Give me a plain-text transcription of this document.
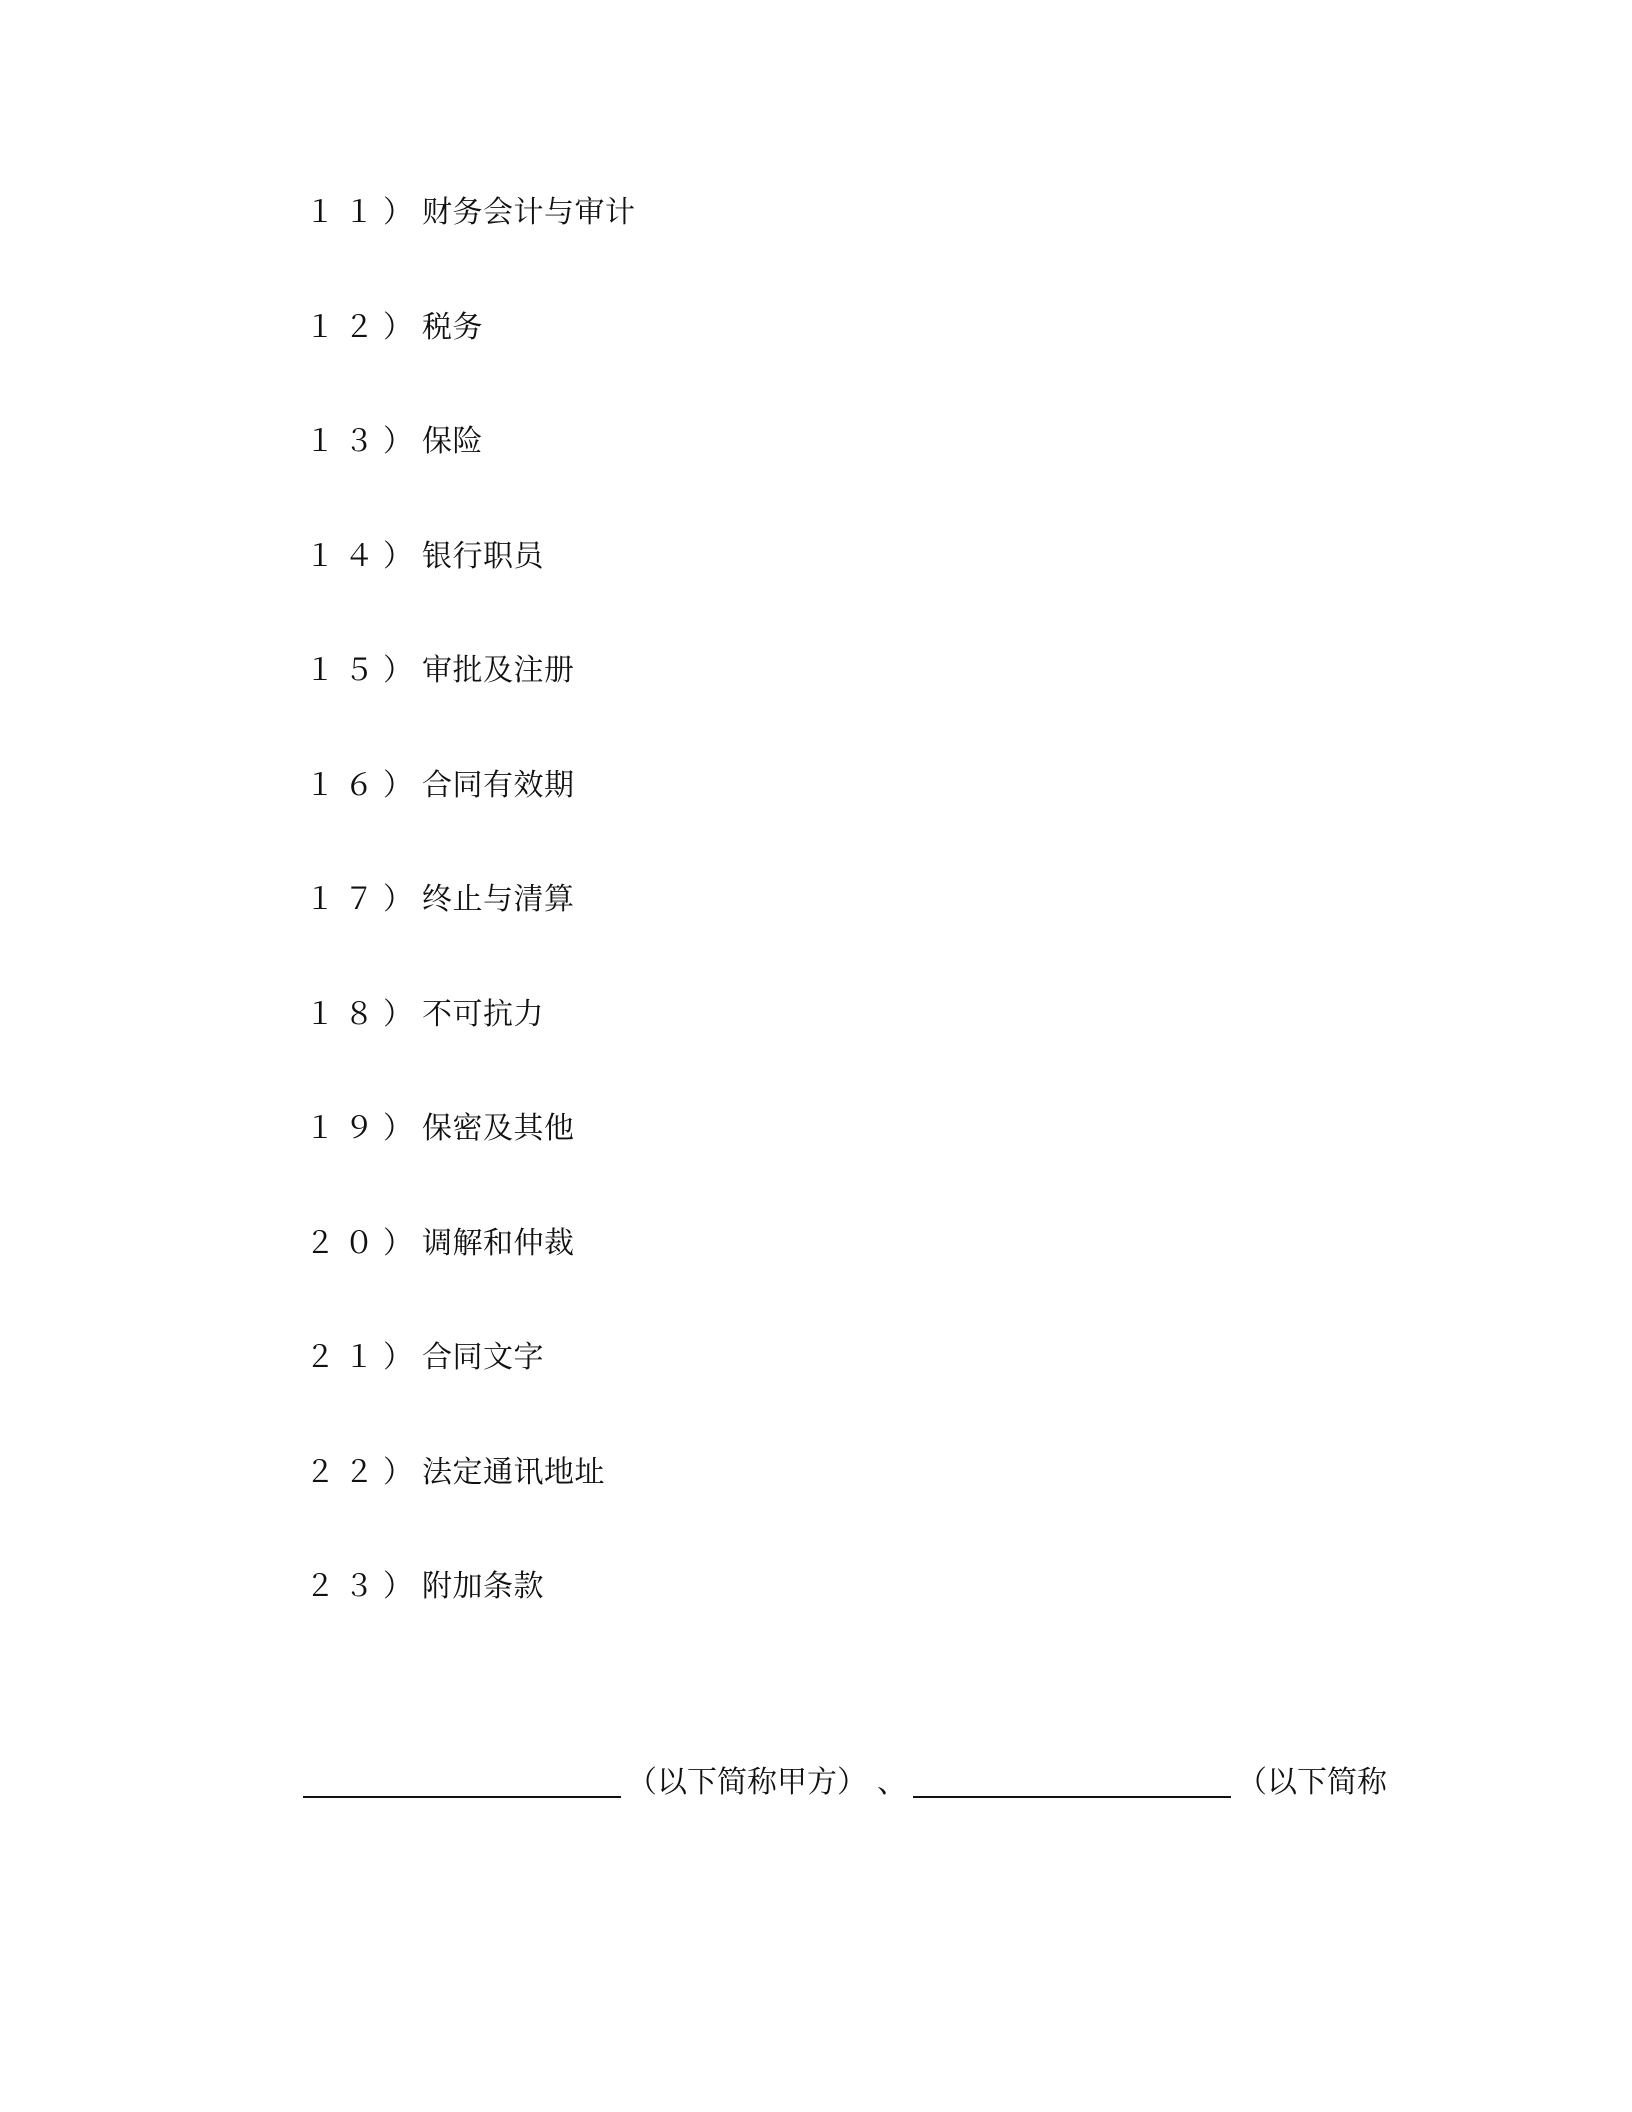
１１）财务会计与审计
１２）税务
１３）保险
１４）银行职员
１５）审批及注册
１６）合同有效期
１７）终止与清算
１８）不可抗力
１９）保密及其他
２０）调解和仲裁
２１）合同文字
２２）法定通讯地址
２３）附加条款
（以下简称甲方） 、	（以下简称
